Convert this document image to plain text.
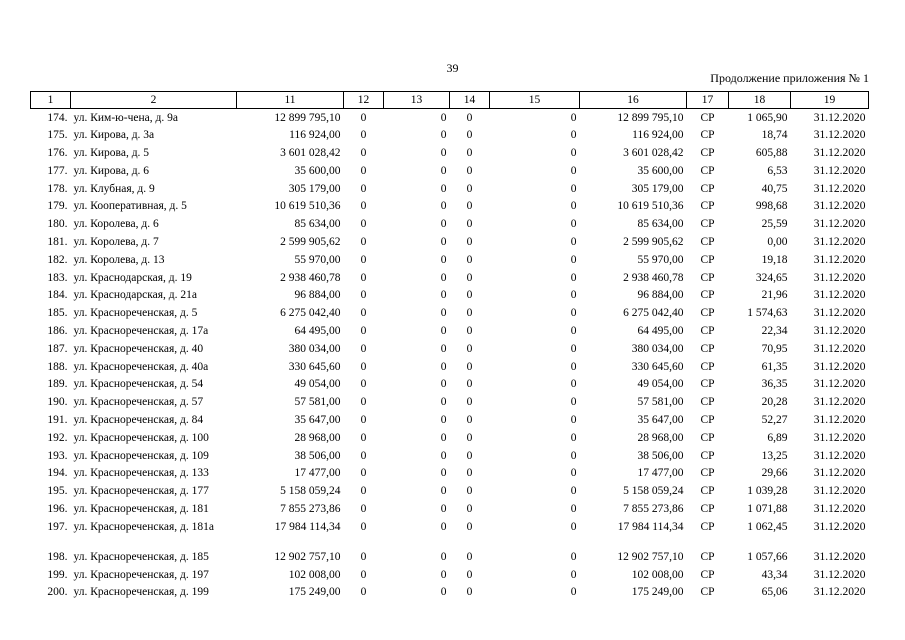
39
Продолжение приложения № 1
1	2	11	12	13	14	15	16	17	18	19
174.	ул. Ким-ю-чена, д. 9а	12 899 795,10	0	0	0	0	12 899 795,10	СР	1 065,90	31.12.2020
175.	ул. Кирова, д. 3а	116 924,00	0	0	0	0	116 924,00	СР	18,74	31.12.2020
176.	ул. Кирова, д. 5	3 601 028,42	0	0	0	0	3 601 028,42	СР	605,88	31.12.2020
177.	ул. Кирова, д. 6	35 600,00	0	0	0	0	35 600,00	СР	6,53	31.12.2020
178.	ул. Клубная, д. 9	305 179,00	0	0	0	0	305 179,00	СР	40,75	31.12.2020
179.	ул. Кооперативная, д. 5	10 619 510,36	0	0	0	0	10 619 510,36	СР	998,68	31.12.2020
180.	ул. Королева, д. 6	85 634,00	0	0	0	0	85 634,00	СР	25,59	31.12.2020
181.	ул. Королева, д. 7	2 599 905,62	0	0	0	0	2 599 905,62	СР	0,00	31.12.2020
182.	ул. Королева, д. 13	55 970,00	0	0	0	0	55 970,00	СР	19,18	31.12.2020
183.	ул. Краснодарская, д. 19	2 938 460,78	0	0	0	0	2 938 460,78	СР	324,65	31.12.2020
184.	ул. Краснодарская, д. 21а	96 884,00	0	0	0	0	96 884,00	СР	21,96	31.12.2020
185.	ул. Краснореченская, д. 5	6 275 042,40	0	0	0	0	6 275 042,40	СР	1 574,63	31.12.2020
186.	ул. Краснореченская, д. 17а	64 495,00	0	0	0	0	64 495,00	СР	22,34	31.12.2020
187.	ул. Краснореченская, д. 40	380 034,00	0	0	0	0	380 034,00	СР	70,95	31.12.2020
188.	ул. Краснореченская, д. 40а	330 645,60	0	0	0	0	330 645,60	СР	61,35	31.12.2020
189.	ул. Краснореченская, д. 54	49 054,00	0	0	0	0	49 054,00	СР	36,35	31.12.2020
190.	ул. Краснореченская, д. 57	57 581,00	0	0	0	0	57 581,00	СР	20,28	31.12.2020
191.	ул. Краснореченская, д. 84	35 647,00	0	0	0	0	35 647,00	СР	52,27	31.12.2020
192.	ул. Краснореченская, д. 100	28 968,00	0	0	0	0	28 968,00	СР	6,89	31.12.2020
193.	ул. Краснореченская, д. 109	38 506,00	0	0	0	0	38 506,00	СР	13,25	31.12.2020
194.	ул. Краснореченская, д. 133	17 477,00	0	0	0	0	17 477,00	СР	29,66	31.12.2020
195.	ул. Краснореченская, д. 177	5 158 059,24	0	0	0	0	5 158 059,24	СР	1 039,28	31.12.2020
196.	ул. Краснореченская, д. 181	7 855 273,86	0	0	0	0	7 855 273,86	СР	1 071,88	31.12.2020
197.	ул. Краснореченская, д. 181а	17 984 114,34	0	0	0	0	17 984 114,34	СР	1 062,45	31.12.2020
198.	ул. Краснореченская, д. 185	12 902 757,10	0	0	0	0	12 902 757,10	СР	1 057,66	31.12.2020
199.	ул. Краснореченская, д. 197	102 008,00	0	0	0	0	102 008,00	СР	43,34	31.12.2020
200.	ул. Краснореченская, д. 199	175 249,00	0	0	0	0	175 249,00	СР	65,06	31.12.2020
